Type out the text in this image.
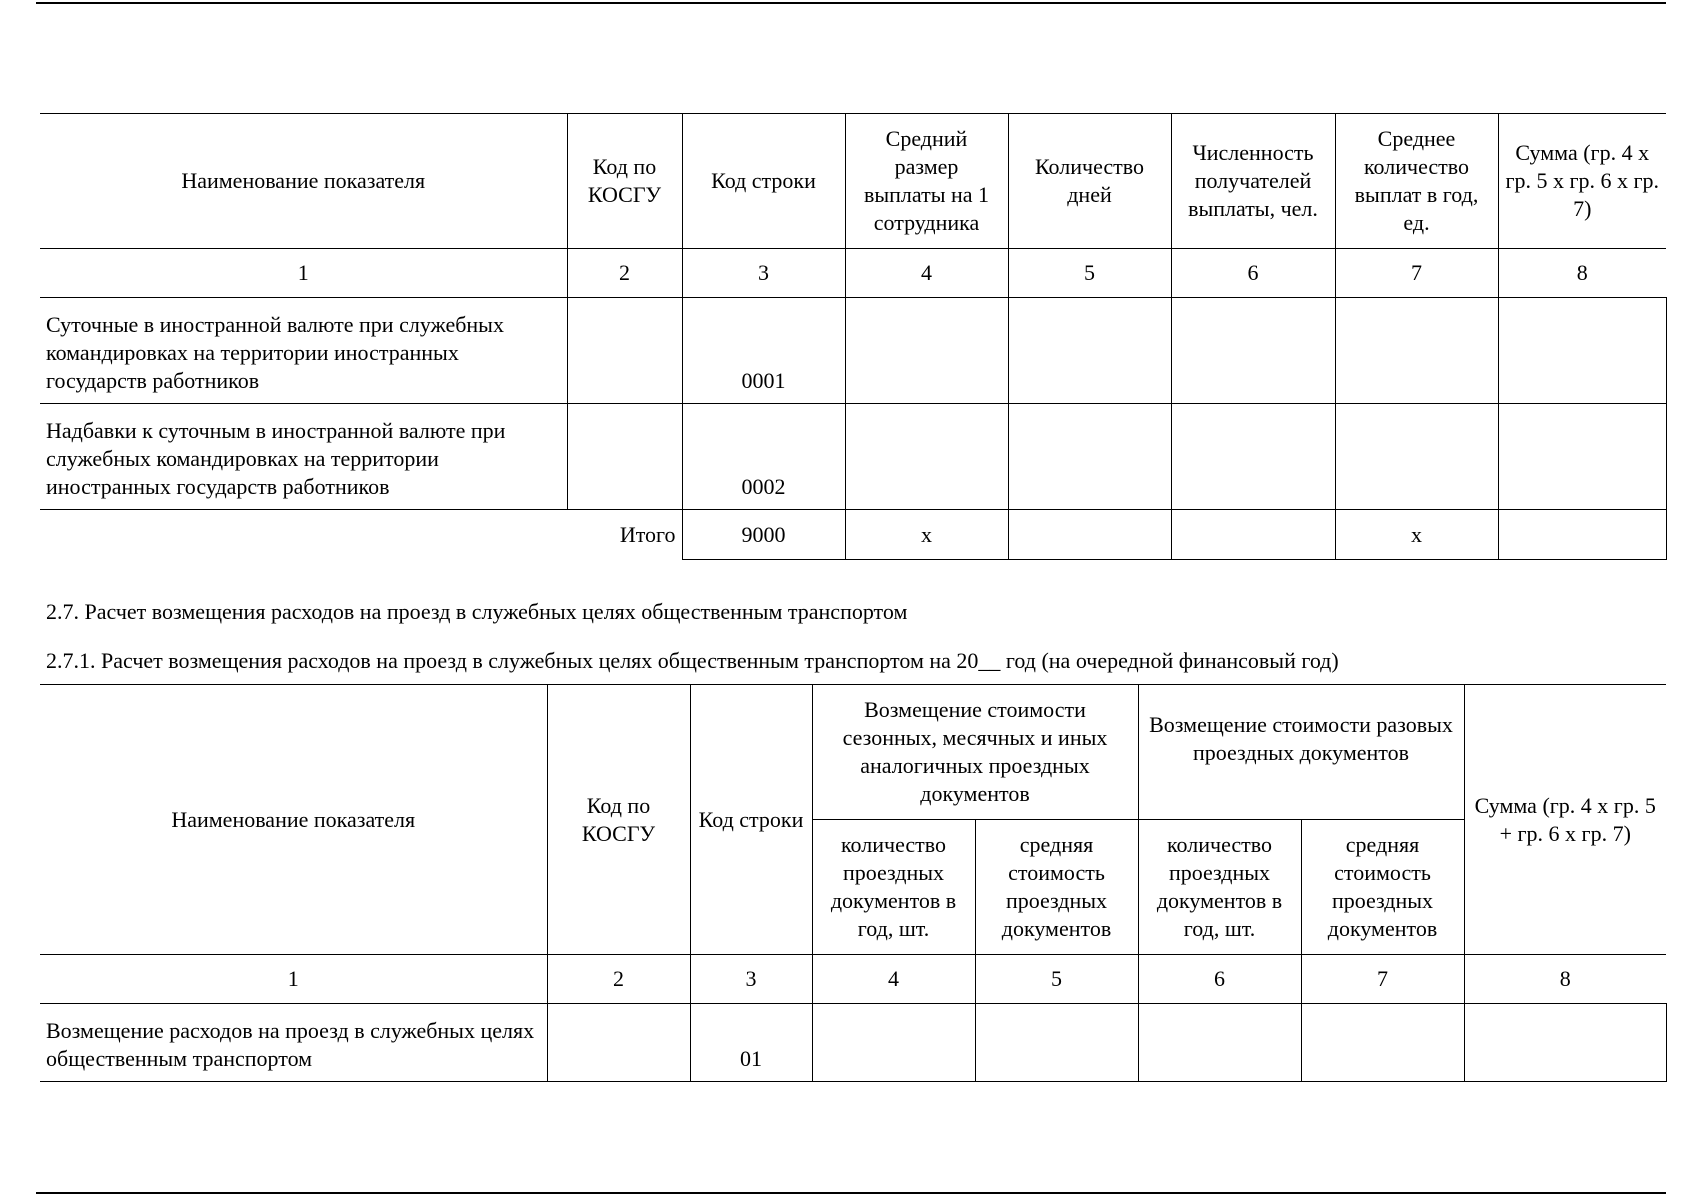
Наименование показателя	Код по КОСГУ	Код строки	Средний размер выплаты на 1 сотрудника	Количество дней	Численность получателей выплаты, чел.	Среднее количество выплат в год, ед.	Сумма (гр. 4 x гр. 5 x гр. 6 x гр. 7)
1	2	3	4	5	6	7	8
Суточные в иностранной валюте при служебных командировках на территории иностранных государств работников		0001					
Надбавки к суточным в иностранной валюте при служебных командировках на территории иностранных государств работников		0002					
Итого		9000	x			x	
2.7. Расчет возмещения расходов на проезд в служебных целях общественным транспортом
2.7.1. Расчет возмещения расходов на проезд в служебных целях общественным транспортом на 20__ год (на очередной финансовый год)
Наименование показателя	Код по КОСГУ	Код строки	Возмещение стоимости сезонных, месячных и иных аналогичных проездных документов		Возмещение стоимости разовых проездных документов		Сумма (гр. 4 x гр. 5 + гр. 6 x гр. 7)
			количество проездных документов в год, шт.	средняя стоимость проездных документов	количество проездных документов в год, шт.	средняя стоимость проездных документов	
1	2	3	4	5	6	7	8
Возмещение расходов на проезд в служебных целях общественным транспортом		01					
